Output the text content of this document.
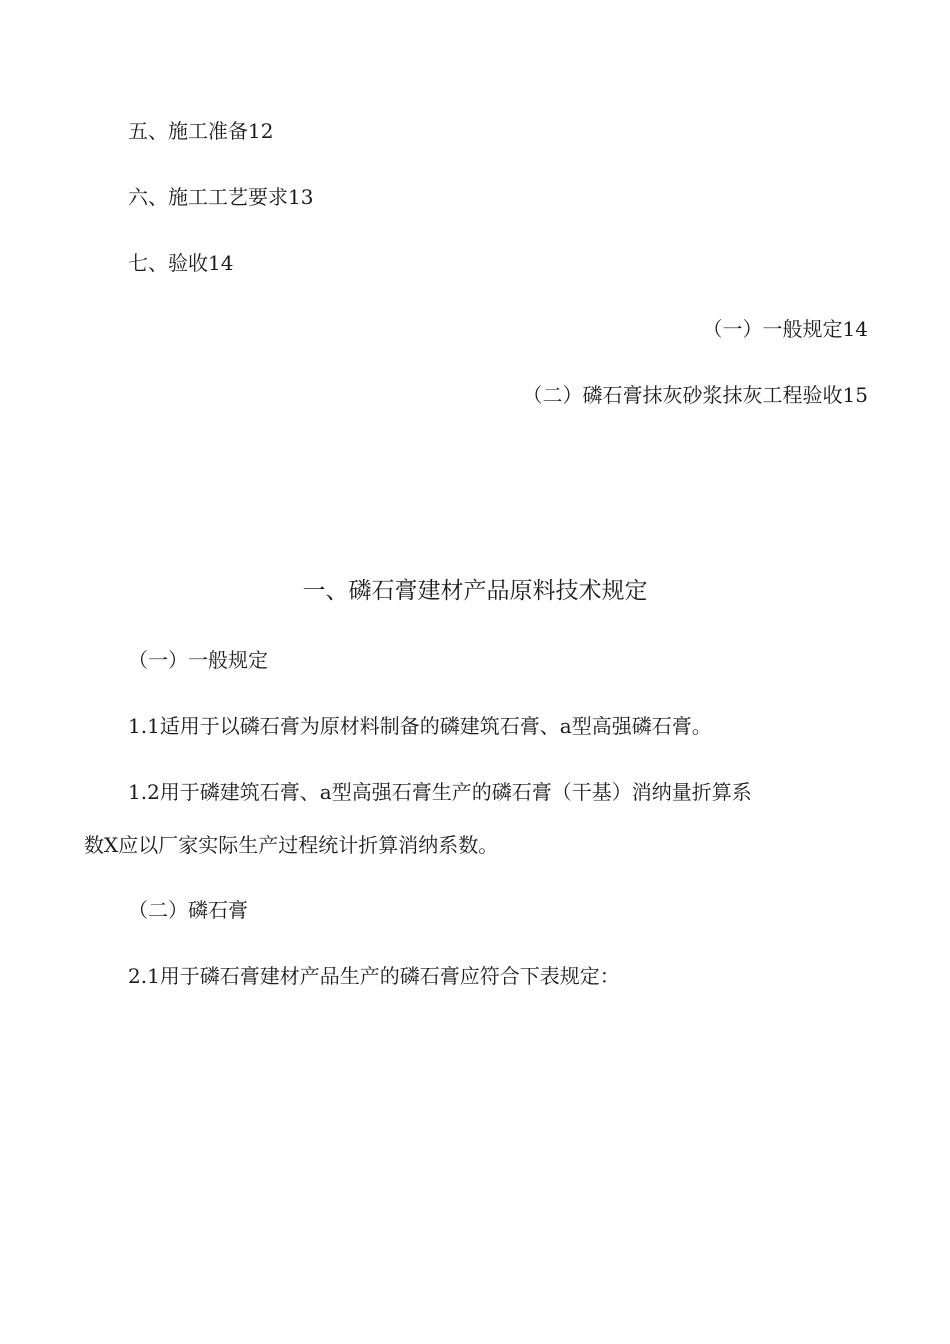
五、施工准备12
六、施工工艺要求13
七、验收14
（一）一般规定14
（二）磷石膏抹灰砂浆抹灰工程验收15
一、磷石膏建材产品原料技术规定
（一）一般规定
1.1适用于以磷石膏为原材料制备的磷建筑石膏、a型高强磷石膏。
1.2用于磷建筑石膏、a型高强石膏生产的磷石膏（干基）消纳量折算系
数X应以厂家实际生产过程统计折算消纳系数。
（二）磷石膏
2.1用于磷石膏建材产品生产的磷石膏应符合下表规定：
